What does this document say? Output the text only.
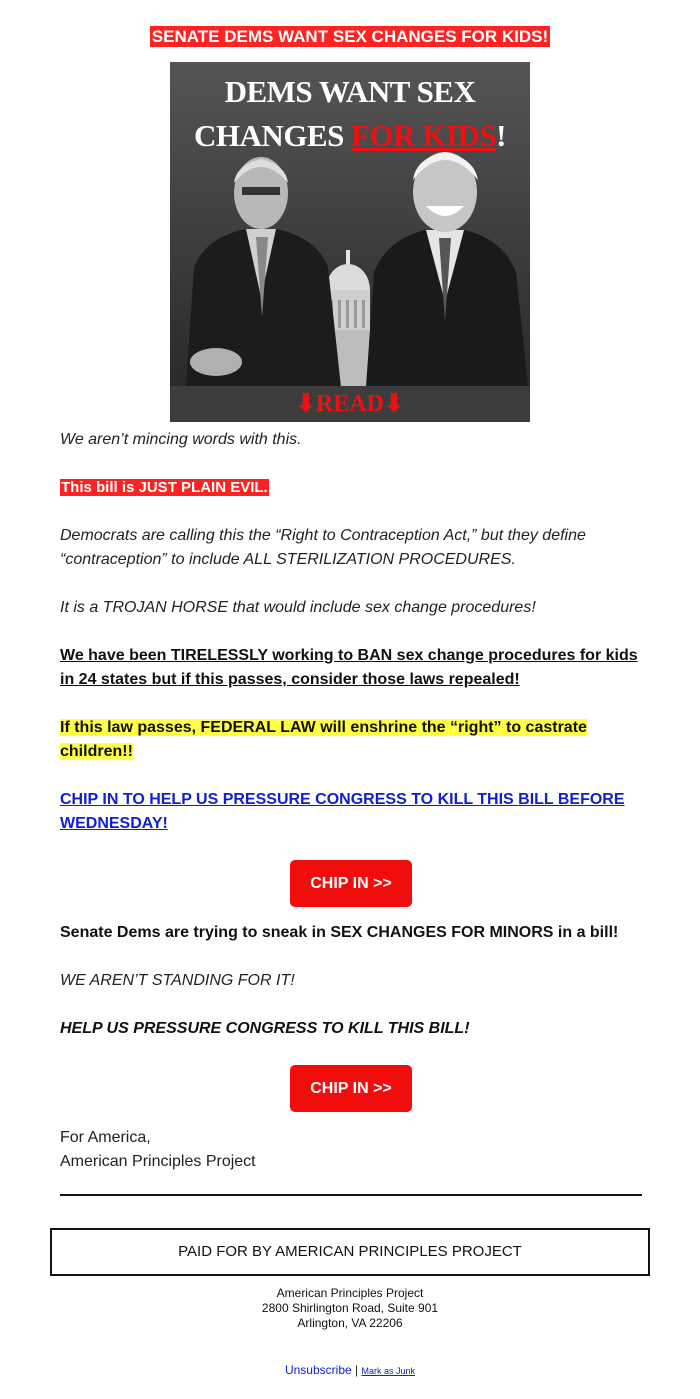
SENATE DEMS WANT SEX CHANGES FOR KIDS!
DEMS WANT SEX
CHANGES FOR KIDS!
⬇READ⬇

We aren’t mincing words with this.

This bill is JUST PLAIN EVIL.

Democrats are calling this the “Right to Contraception Act,” but they define “contraception” to include ALL STERILIZATION PROCEDURES.

It is a TROJAN HORSE that would include sex change procedures!

We have been TIRELESSLY working to BAN sex change procedures for kids in 24 states but if this passes, consider those laws repealed!

If this law passes, FEDERAL LAW will enshrine the “right” to castrate children!!

CHIP IN TO HELP US PRESSURE CONGRESS TO KILL THIS BILL BEFORE WEDNESDAY!

CHIP IN >>

Senate Dems are trying to sneak in SEX CHANGES FOR MINORS in a bill!

WE AREN’T STANDING FOR IT!

HELP US PRESSURE CONGRESS TO KILL THIS BILL!

CHIP IN >>
For America,
American Principles Project
PAID FOR BY AMERICAN PRINCIPLES PROJECT
American Principles Project
2800 Shirlington Road, Suite 901
Arlington, VA 22206
Unsubscribe | Mark as Junk
